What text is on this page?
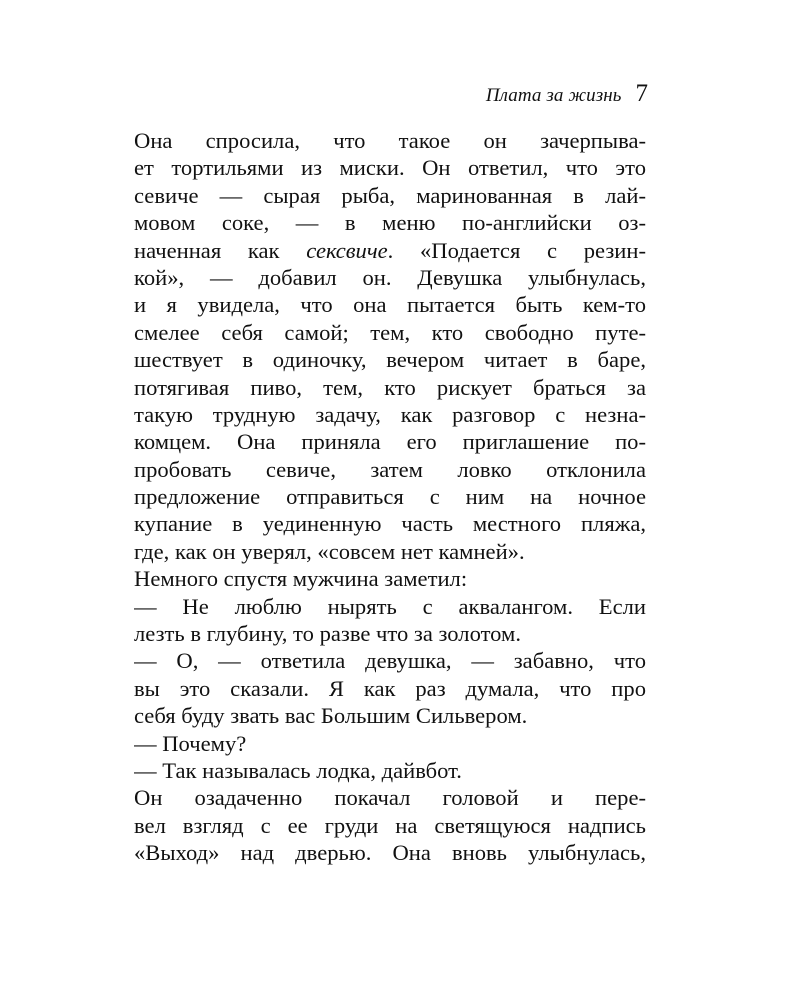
Плата за жизнь 7
Она спросила, что такое он зачерпыва-
ет тортильями из миски. Он ответил, что это
севиче — сырая рыба, маринованная в лай-
мовом соке, — в меню по-английски оз-
наченная как сексвиче. «Подается с резин-
кой», — добавил он. Девушка улыбнулась,
и я увидела, что она пытается быть кем-то
смелее себя самой; тем, кто свободно путе-
шествует в одиночку, вечером читает в баре,
потягивая пиво, тем, кто рискует браться за
такую трудную задачу, как разговор с незна-
комцем. Она приняла его приглашение по-
пробовать севиче, затем ловко отклонила
предложение отправиться с ним на ночное
купание в уединенную часть местного пляжа,
где, как он уверял, «совсем нет камней».
Немного спустя мужчина заметил:
— Не люблю нырять с аквалангом. Если
лезть в глубину, то разве что за золотом.
— О, — ответила девушка, — забавно, что
вы это сказали. Я как раз думала, что про
себя буду звать вас Большим Сильвером.
— Почему?
— Так называлась лодка, дайвбот.
Он озадаченно покачал головой и пере-
вел взгляд с ее груди на светящуюся надпись
«Выход» над дверью. Она вновь улыбнулась,
